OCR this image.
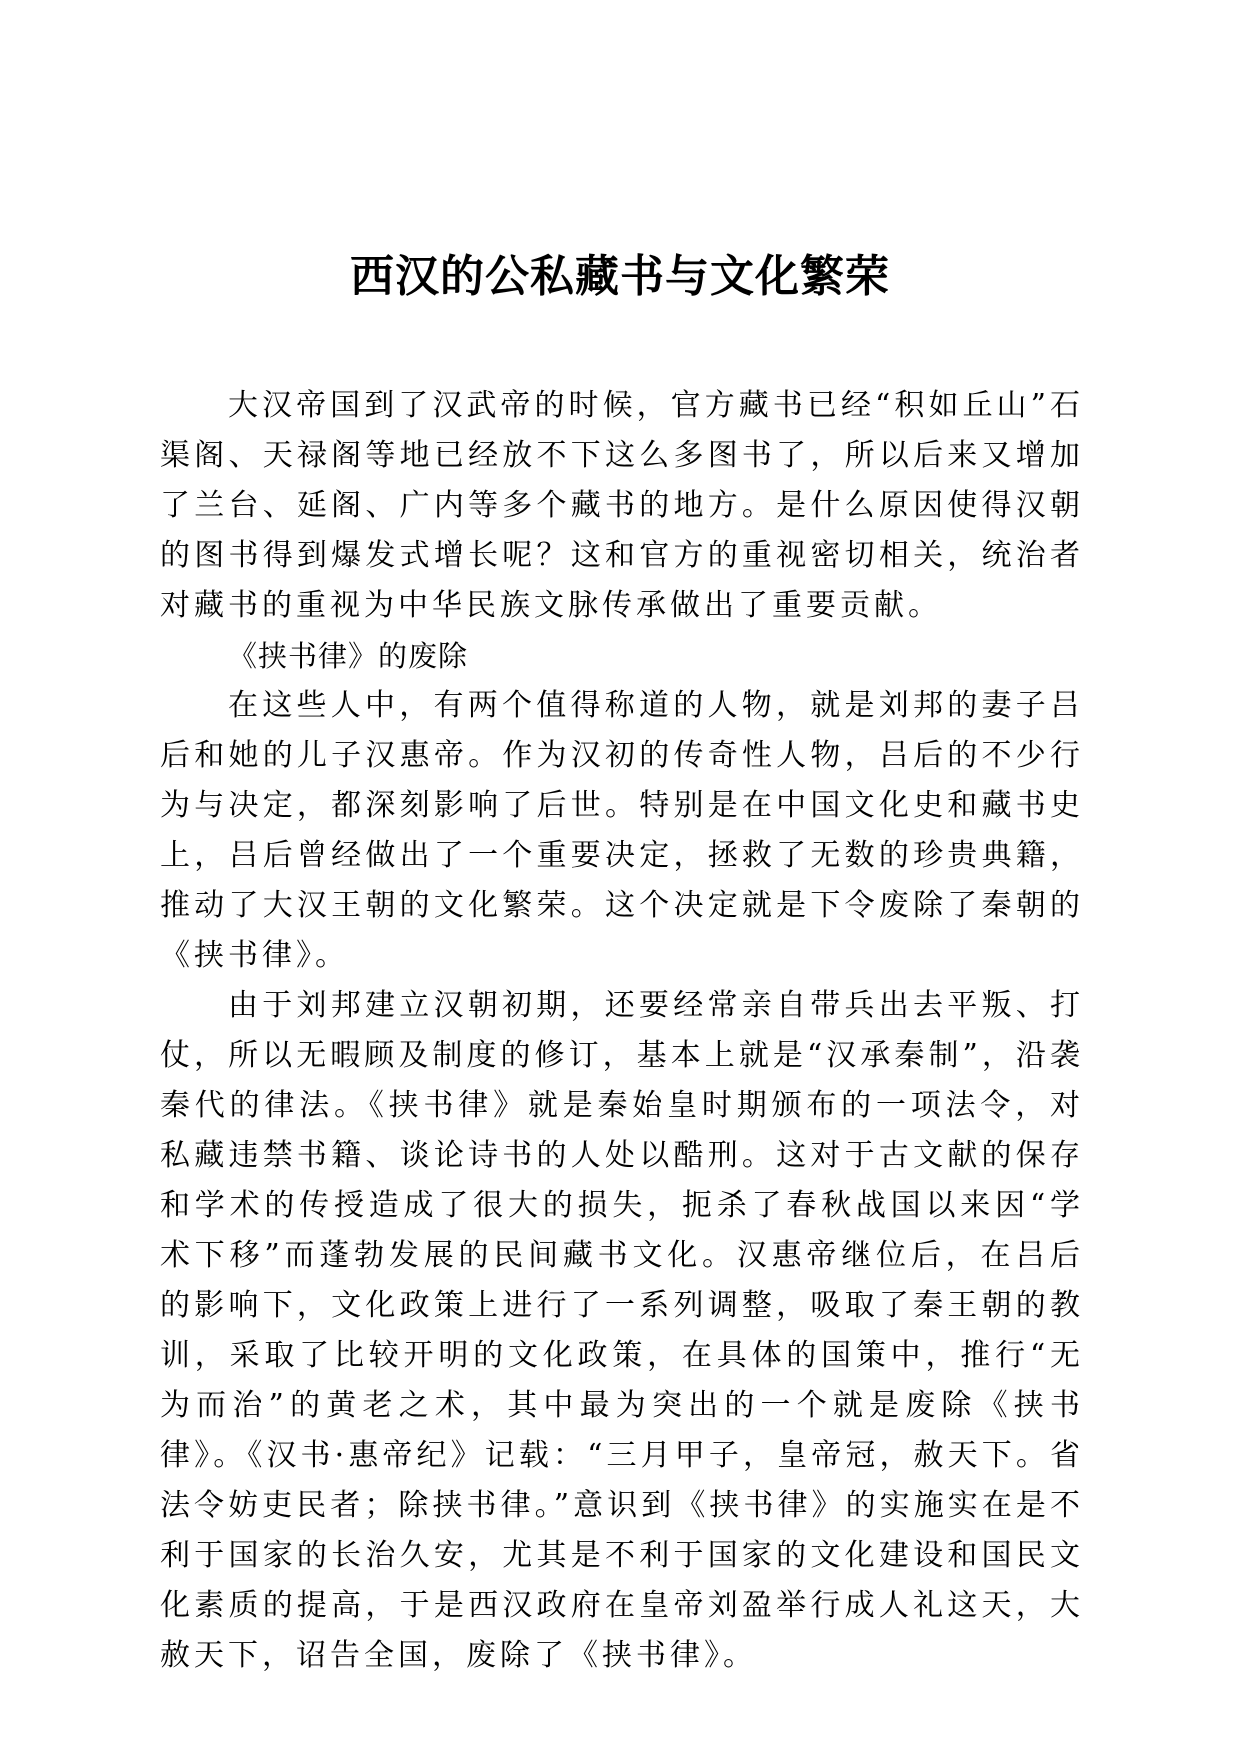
西汉的公私藏书与文化繁荣

大汉帝国到了汉武帝的时候，官方藏书已经“积如丘山”石渠阁、天禄阁等地已经放不下这么多图书了，所以后来又增加了兰台、延阁、广内等多个藏书的地方。是什么原因使得汉朝的图书得到爆发式增长呢？这和官方的重视密切相关，统治者对藏书的重视为中华民族文脉传承做出了重要贡献。

《挟书律》的废除

在这些人中，有两个值得称道的人物，就是刘邦的妻子吕后和她的儿子汉惠帝。作为汉初的传奇性人物，吕后的不少行为与决定，都深刻影响了后世。特别是在中国文化史和藏书史上，吕后曾经做出了一个重要决定，拯救了无数的珍贵典籍，推动了大汉王朝的文化繁荣。这个决定就是下令废除了秦朝的《挟书律》。

由于刘邦建立汉朝初期，还要经常亲自带兵出去平叛、打仗，所以无暇顾及制度的修订，基本上就是“汉承秦制”，沿袭秦代的律法。《挟书律》就是秦始皇时期颁布的一项法令，对私藏违禁书籍、谈论诗书的人处以酷刑。这对于古文献的保存和学术的传授造成了很大的损失，扼杀了春秋战国以来因“学术下移”而蓬勃发展的民间藏书文化。汉惠帝继位后，在吕后的影响下，文化政策上进行了一系列调整，吸取了秦王朝的教训，采取了比较开明的文化政策，在具体的国策中，推行“无为而治”的黄老之术，其中最为突出的一个就是废除《挟书律》。《汉书·惠帝纪》记载：“三月甲子，皇帝冠，赦天下。省法令妨吏民者；除挟书律。”意识到《挟书律》的实施实在是不利于国家的长治久安，尤其是不利于国家的文化建设和国民文化素质的提高，于是西汉政府在皇帝刘盈举行成人礼这天，大赦天下，诏告全国，废除了《挟书律》。
